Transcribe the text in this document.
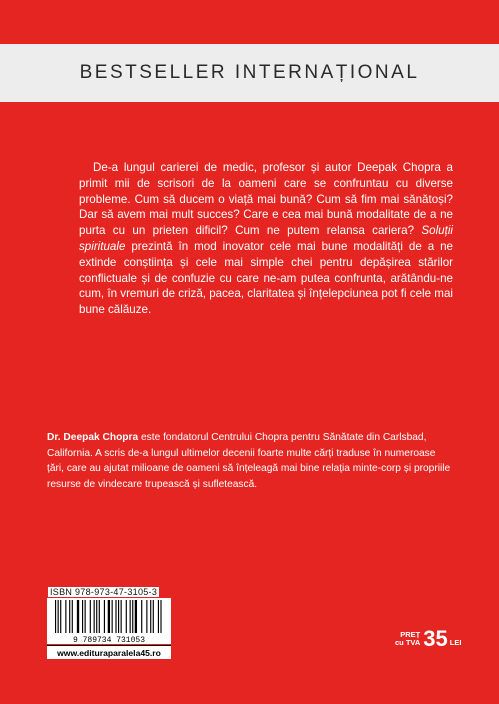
BESTSELLER INTERNAȚIONAL

De-a lungul carierei de medic, profesor și autor Deepak Chopra a primit mii de scrisori de la oameni care se confruntau cu diverse probleme. Cum să ducem o viață mai bună? Cum să fim mai sănătoși? Dar să avem mai mult succes? Care e cea mai bună modalitate de a ne purta cu un prieten dificil? Cum ne putem relansa cariera? Soluții spirituale prezintă în mod inovator cele mai bune modalități de a ne extinde conștiința și cele mai simple chei pentru depășirea stărilor conflictuale și de confuzie cu care ne-am putea confrunta, arătându-ne cum, în vremuri de criză, pacea, claritatea și înțelepciunea pot fi cele mai bune călăuze.

Dr. Deepak Chopra este fondatorul Centrului Chopra pentru Sănătate din Carlsbad, California. A scris de-a lungul ultimelor decenii foarte multe cărți traduse în numeroase țări, care au ajutat milioane de oameni să înțeleagă mai bine relația minte-corp și propriile resurse de vindecare trupească și sufletească.

ISBN 978-973-47-3105-3
9 789734 731053
www.edituraparalela45.ro
PREȚ
cu TVA 35 LEI
